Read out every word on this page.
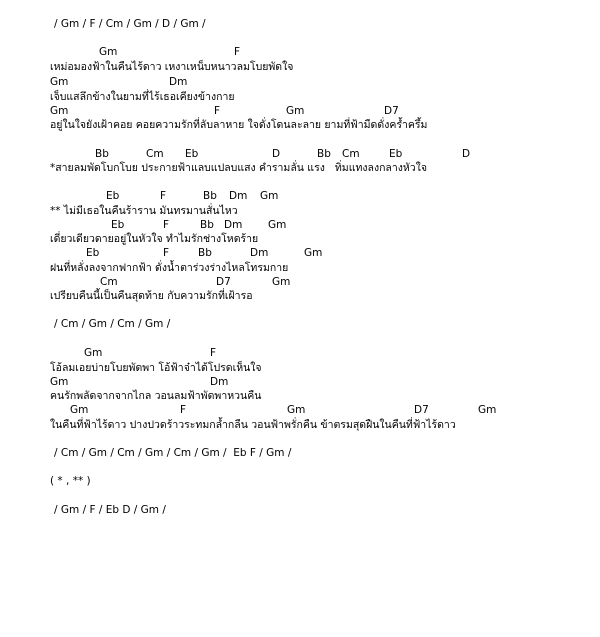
/ Gm / F / Cm / Gm / D / Gm /
Gm	F
เหม่อมองฟ้าในคืนไร้ดาว เหงาเหน็บหนาวลมโบยพัดใจ
Gm	Dm
เจ็บแสลึกข้างในยามที่ไร้เธอเคียงข้างกาย
Gm	F	Gm	D7
อยู่ในใจยังเฝ้าคอย คอยความรักที่ลับลาหาย ใจดั่งโดนละลาย ยามที่ฟ้ามืดดั่งคร้ำครึ้ม
Bb	Cm Eb	D	Bb Cm	Eb	D
*สายลมพัดโบกโบย ประกายฟ้าแลบแปลบแสง คำรามลั่น แรง   ทิ่มแทงลงกลางหัวใจ
Eb	F	Bb Dm Gm
** ไม่มีเธอในคืนร้าราน มันทรมานสั่นไหว
Eb	F	Bb Dm Gm
เดี่ยวเดียวดายอยู่ในหัวใจ ทำไมรักช่างโหดร้าย
Eb	F	Bb	Dm	Gm
ฝนที่หลั่งลงจากฟากฟ้า ดั่งน้ำตาร่วงร่างไหลโทรมกาย
Cm	D7	Gm
เปรียบคืนนี้เป็นคืนสุดท้าย กับความรักที่เฝ้ารอ
/ Cm / Gm / Cm / Gm /
Gm	F
โอ้ลมเอยบ่ายโบยพัดพา โอ้ฟ้าจ๋าได้โปรดเห็นใจ
Gm	Dm
คนรักพลัดจากจากไกล วอนลมฟ้าพัดพาหวนคืน
Gm	F	Gm	D7	Gm
ในคืนที่ฟ้าไร้ดาว ปางปวดร้าวระทมกล้ำกลืน วอนฟ้าพรั่กคืน ข้าตรมสุดฝืนในคืนที่ฟ้าไร้ดาว
/ Cm / Gm / Cm / Gm / Cm / Gm /  Eb F / Gm /
( * , ** )
/ Gm / F / Eb D / Gm /
